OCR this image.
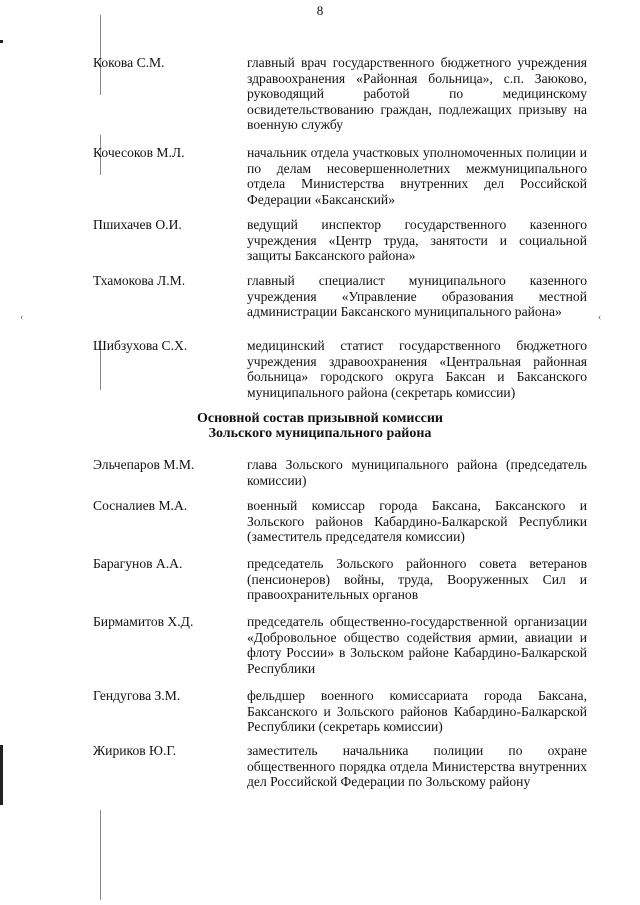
‹	‹
8
Кокова С.М.	главный врач государственного бюджетного учреждения здравоохранения «Районная больница», с.п. Заюково, руководящий работой по медицинскому освидетельствованию граждан, подлежащих призыву на военную службу
Кочесоков М.Л.	начальник отдела участковых уполномоченных полиции и по делам несовершеннолетних межмуниципального отдела Министерства внутренних дел Российской Федерации «Баксанский»
Пшихачев О.И.	ведущий инспектор государственного казенного учреждения «Центр труда, занятости и социальной защиты Баксанского района»
Тхамокова Л.М.	главный специалист муниципального казенного учреждения «Управление образования местной администрации Баксанского муниципального района»
Шибзухова С.Х.	медицинский статист государственного бюджетного учреждения здравоохранения «Центральная районная больница» городского округа Баксан и Баксанского муниципального района (секретарь комиссии)
Основной состав призывной комиссии
Зольского муниципального района
Эльчепаров М.М.	глава Зольского муниципального района (председатель комиссии)
Соснaлиев М.А.	военный комиссар города Баксана, Баксанского и Зольского районов Кабардино-Балкарской Республики (заместитель председателя комиссии)
Барагунов А.А.	председатель Зольского районного совета ветеранов (пенсионеров) войны, труда, Вооруженных Сил и правоохранительных органов
Бирмамитов Х.Д.	председатель общественно-государственной организации «Добровольное общество содействия армии, авиации и флоту России» в Зольском районе Кабардино-Балкарской Республики
Гендугова З.М.	фельдшер военного комиссариата города Баксана, Баксанского и Зольского районов Кабардино-Балкарской Республики (секретарь комиссии)
Жириков Ю.Г.	заместитель начальника полиции по охране общественного порядка отдела Министерства внутренних дел Российской Федерации по Зольскому району
